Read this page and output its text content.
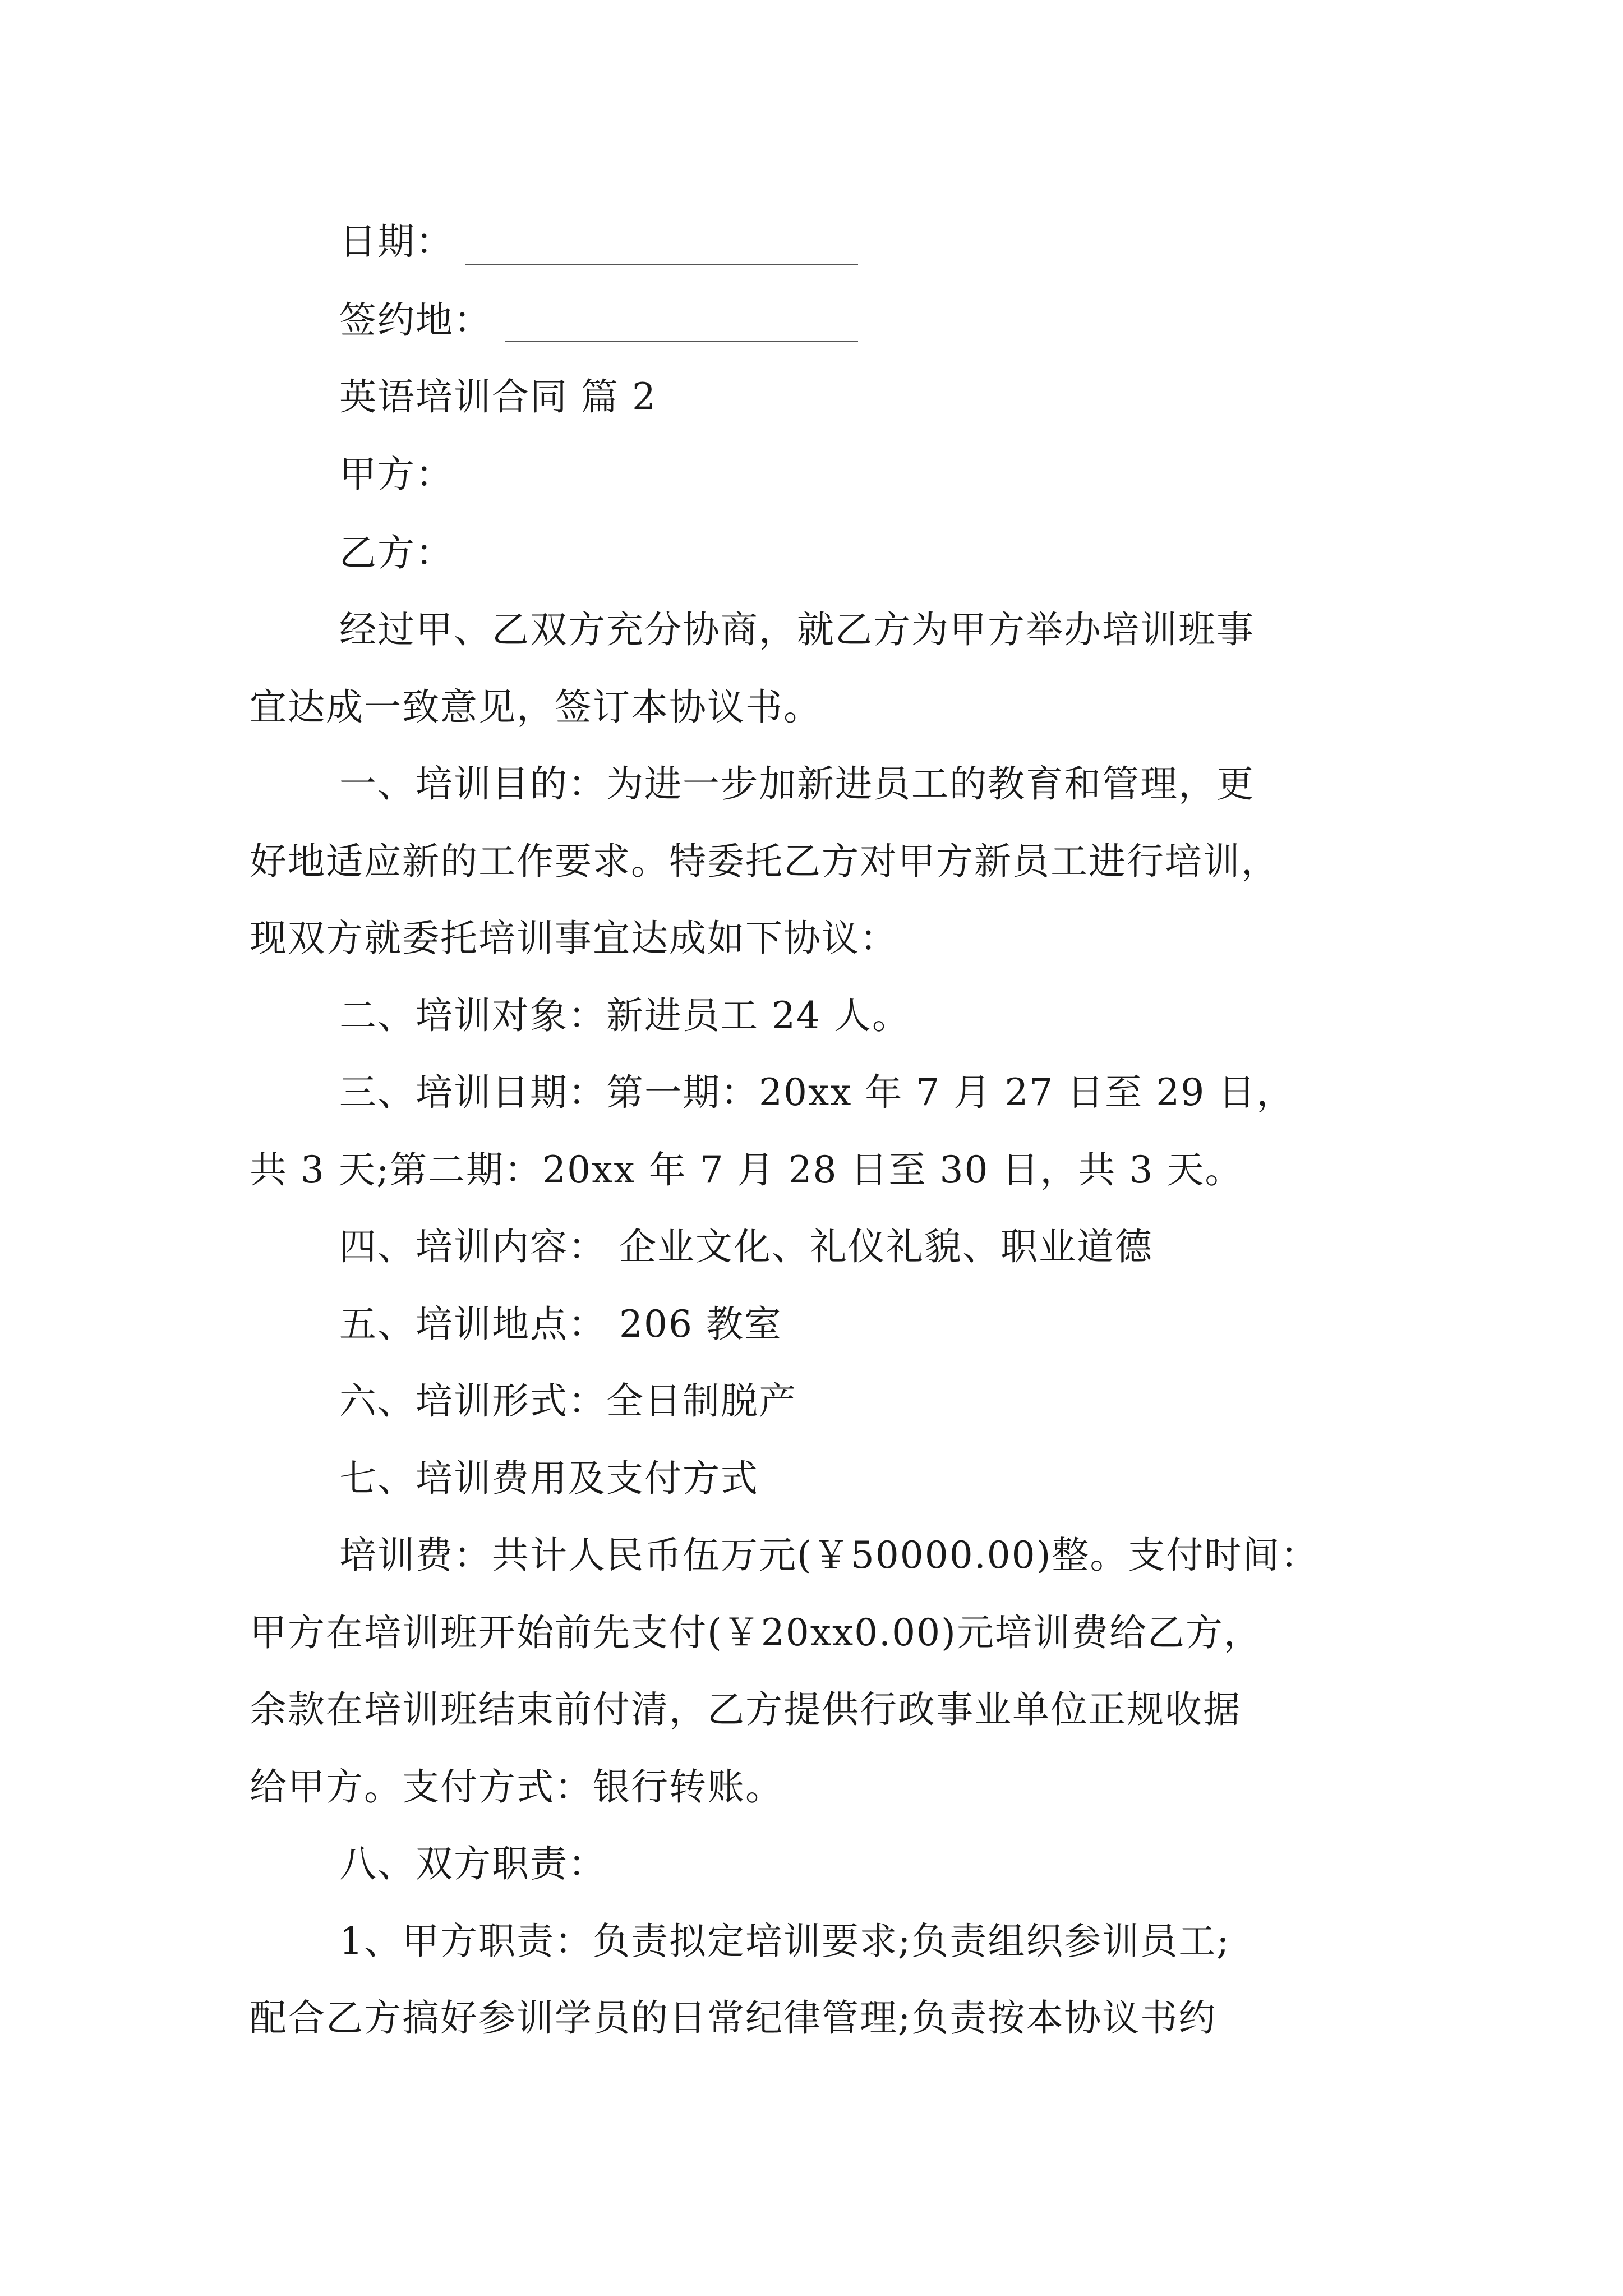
日期：
签约地：
英语培训合同 篇 2
甲方：
乙方：
经过甲、乙双方充分协商，就乙方为甲方举办培训班事
宜达成一致意见，签订本协议书。
一、培训目的：为进一步加新进员工的教育和管理，更
好地适应新的工作要求。特委托乙方对甲方新员工进行培训，
现双方就委托培训事宜达成如下协议：
二、培训对象：新进员工 24 人。
三、培训日期：第一期：20xx 年 7 月 27 日至 29 日，
共 3 天;第二期：20xx 年 7 月 28 日至 30 日，共 3 天。
四、培训内容： 企业文化、礼仪礼貌、职业道德
五、培训地点： 206 教室
六、培训形式：全日制脱产
七、培训费用及支付方式
培训费：共计人民币伍万元(￥50000.00)整。支付时间：
甲方在培训班开始前先支付(￥20xx0.00)元培训费给乙方，
余款在培训班结束前付清，乙方提供行政事业单位正规收据
给甲方。支付方式：银行转账。
八、双方职责：
1、甲方职责：负责拟定培训要求;负责组织参训员工;
配合乙方搞好参训学员的日常纪律管理;负责按本协议书约
